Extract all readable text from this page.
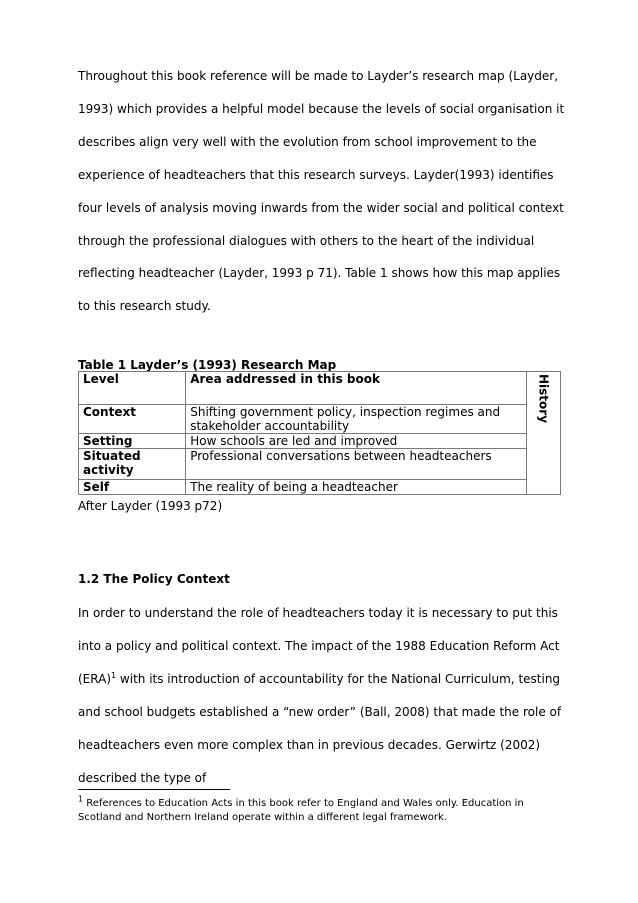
Throughout this book reference will be made to Layder’s research map (Layder, 1993) which provides a helpful model because the levels of social organisation it describes align very well with the evolution from school improvement to the experience of headteachers that this research surveys. Layder(1993) identifies four levels of analysis moving inwards from the wider social and political context through the professional dialogues with others to the heart of the individual reflecting headteacher (Layder, 1993 p 71). Table 1 shows how this map applies to this research study.

Table 1 Layder’s (1993) Research Map

Level	Area addressed in this book	History
Context	Shifting government policy, inspection regimes and stakeholder accountability	
Setting	How schools are led and improved	
Situated activity	Professional conversations between headteachers	
Self	The reality of being a headteacher	

After Layder (1993 p72)

1.2 The Policy Context

In order to understand the role of headteachers today it is necessary to put this into a policy and political context. The impact of the 1988 Education Reform Act (ERA)$^1$ with its introduction of accountability for the National Curriculum, testing and school budgets established a “new order” (Ball, 2008) that made the role of headteachers even more complex than in previous decades. Gerwirtz (2002) described the type of

$^1$ References to Education Acts in this book refer to England and Wales only. Education in Scotland and Northern Ireland operate within a different legal framework.
